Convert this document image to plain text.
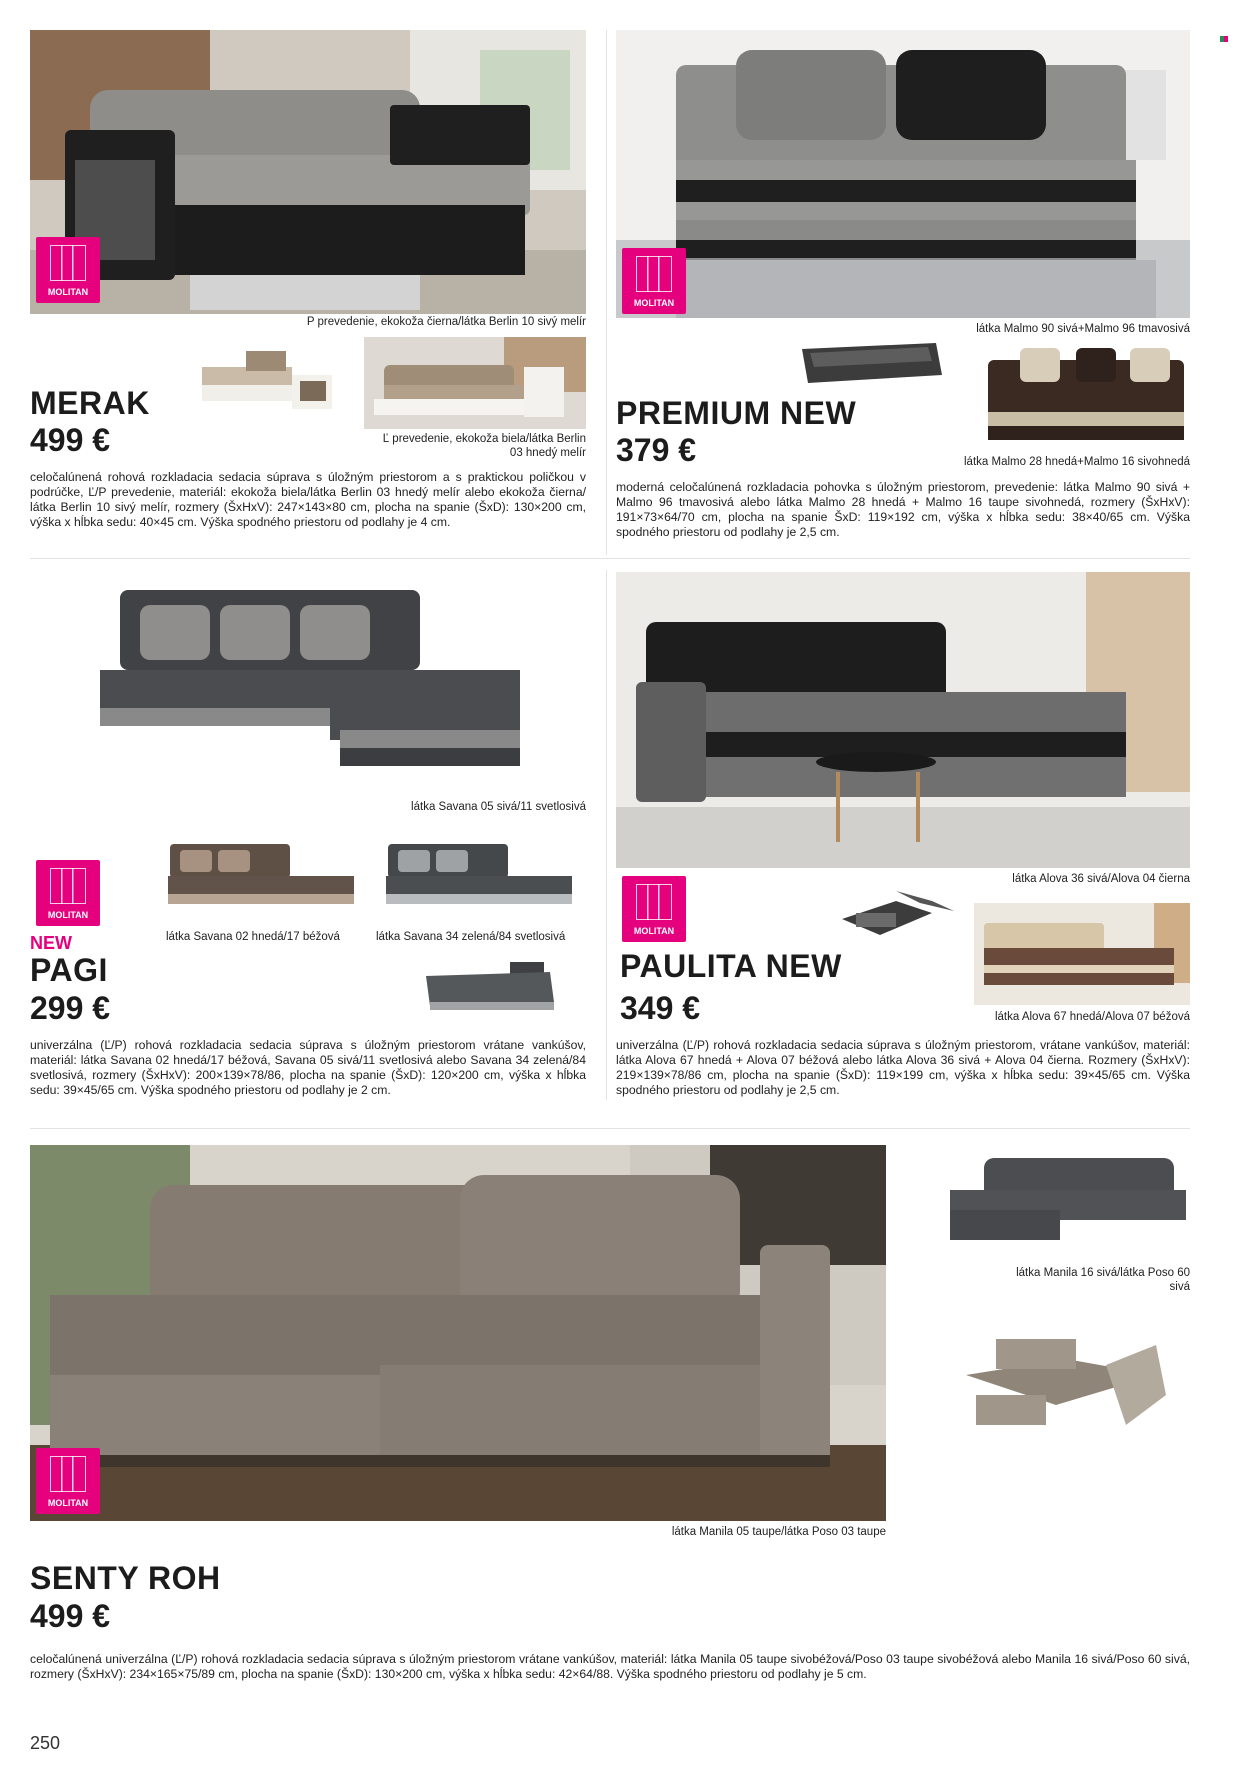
MOLITAN
P prevedenie, ekokoža čierna/látka Berlin 10 sivý melír
Ľ prevedenie, ekokoža biela/látka Berlin 03 hnedý melír
MERAK
499 €
celočalúnená rohová rozkladacia sedacia súprava s úložným priestorom a s praktickou poličkou v podrúčke, Ľ/P prevedenie, materiál: ekokoža biela/látka Berlin 03 hnedý melír alebo ekokoža čierna/ látka Berlin 10 sivý melír, rozmery (ŠxHxV): 247×143×80 cm, plocha na spanie (ŠxD): 130×200 cm, výška x hĺbka sedu: 40×45 cm. Výška spodného priestoru od podlahy je 4 cm.
MOLITAN
látka Malmo 90 sivá+Malmo 96 tmavosivá
látka Malmo 28 hnedá+Malmo 16 sivohnedá
PREMIUM NEW
379 €
moderná celočalúnená rozkladacia pohovka s úložným priestorom, prevedenie: látka Malmo 90 sivá + Malmo 96 tmavosivá alebo látka Malmo 28 hnedá + Malmo 16 taupe sivohnedá, rozmery (ŠxHxV): 191×73×64/70 cm, plocha na spanie ŠxD: 119×192 cm, výška x hĺbka sedu: 38×40/65 cm. Výška spodného priestoru od podlahy je 2,5 cm.
látka Savana 05 sivá/11 svetlosivá
MOLITAN
látka Savana 02 hnedá/17 béžová	látka Savana 34 zelená/84 svetlosivá
NEW
PAGI
299 €
univerzálna (Ľ/P) rohová rozkladacia sedacia súprava s úložným priestorom vrátane vankúšov, materiál: látka Savana 02 hnedá/17 béžová, Savana 05 sivá/11 svetlosivá alebo Savana 34 zelená/84 svetlosivá, rozmery (ŠxHxV): 200×139×78/86, plocha na spanie (ŠxD): 120×200 cm, výška x hĺbka sedu: 39×45/65 cm. Výška spodného priestoru od podlahy je 2 cm.
látka Alova 36 sivá/Alova 04 čierna
MOLITAN
látka Alova 67 hnedá/Alova 07 béžová
PAULITA NEW
349 €
univerzálna (Ľ/P) rohová rozkladacia sedacia súprava s úložným priestorom, vrátane vankúšov, materiál: látka Alova 67 hnedá + Alova 07 béžová alebo látka Alova 36 sivá + Alova 04 čierna. Rozmery (ŠxHxV): 219×139×78/86 cm, plocha na spanie (ŠxD): 119×199 cm, výška x hĺbka sedu: 39×45/65 cm. Výška spodného priestoru od podlahy je 2,5 cm.
MOLITAN
látka Manila 05 taupe/látka Poso 03 taupe
látka Manila 16 sivá/látka Poso 60 sivá
SENTY ROH
499 €
celočalúnená univerzálna (Ľ/P) rohová rozkladacia sedacia súprava s úložným priestorom vrátane vankúšov, materiál: látka Manila 05 taupe sivobéžová/Poso 03 taupe sivobéžová alebo Manila 16 sivá/Poso 60 sivá, rozmery (ŠxHxV): 234×165×75/89 cm, plocha na spanie (ŠxD): 130×200 cm, výška x hĺbka sedu: 42×64/88. Výška spodného priestoru od podlahy je 5 cm.
250
